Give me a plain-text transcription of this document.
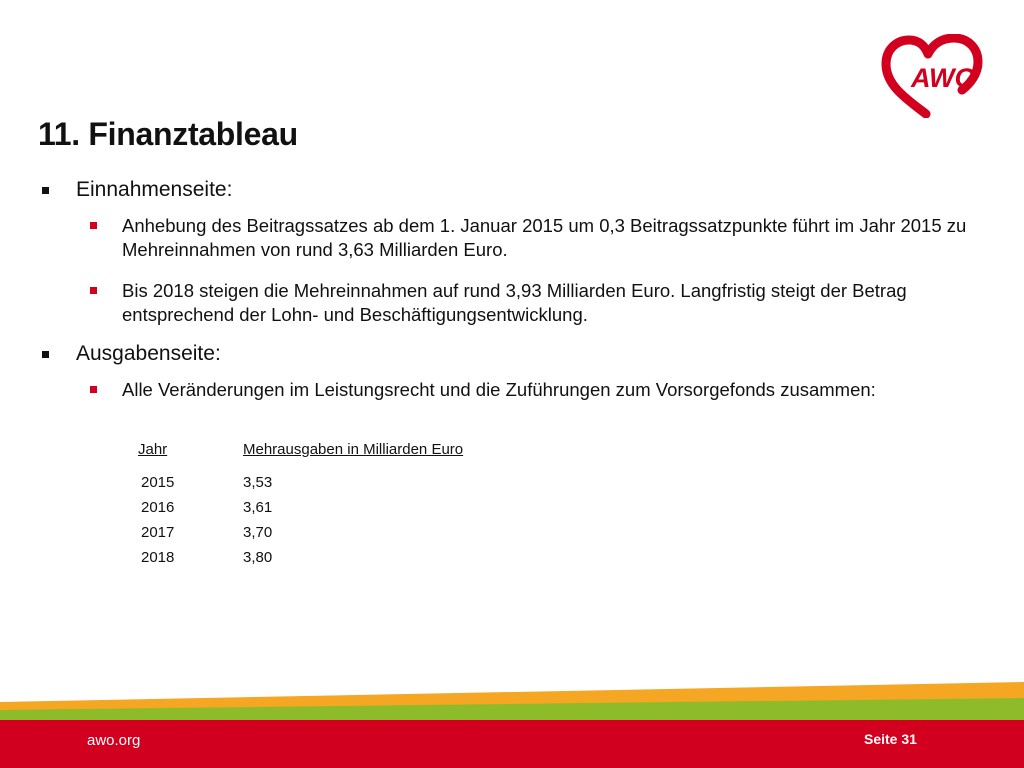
AWO
11. Finanztableau
Einnahmenseite:
Anhebung des Beitragssatzes ab dem 1. Januar 2015 um 0,3 Beitragssatzpunkte führt im Jahr 2015 zu Mehreinnahmen von rund 3,63 Milliarden Euro.
Bis 2018 steigen die Mehreinnahmen auf rund 3,93 Milliarden Euro. Langfristig steigt der Betrag entsprechend der Lohn- und Beschäftigungsentwicklung.
Ausgabenseite:
Alle Veränderungen im Leistungsrecht und die Zuführungen zum Vorsorgefonds zusammen:
Jahr	Mehrausgaben in Milliarden Euro
2015	3,53
2016	3,61
2017	3,70
2018	3,80
awo.org	Seite 31
